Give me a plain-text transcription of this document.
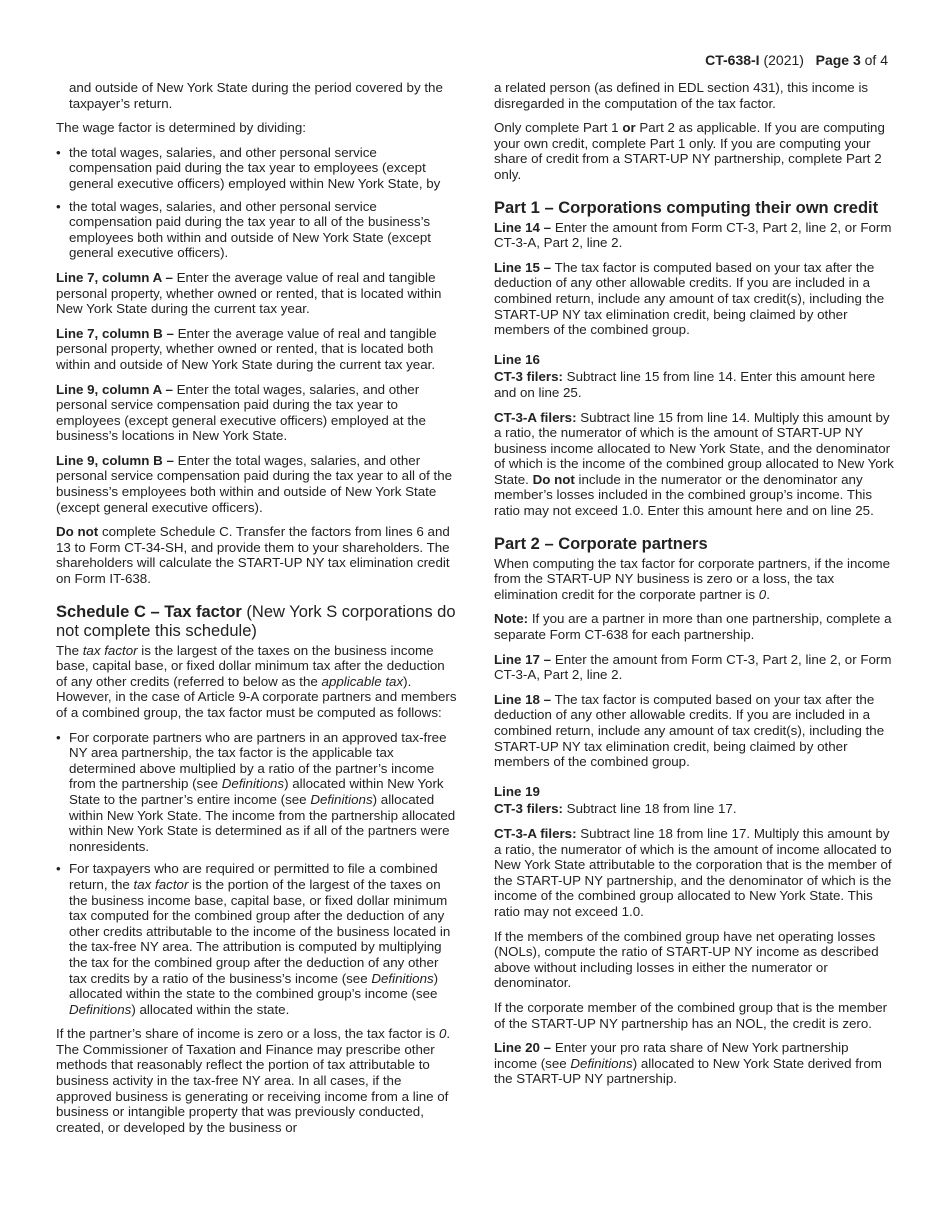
CT-638-I (2021) Page 3 of 4

and outside of New York State during the period covered by the taxpayer’s return.

The wage factor is determined by dividing:

• the total wages, salaries, and other personal service compensation paid during the tax year to employees (except general executive officers) employed within New York State, by
• the total wages, salaries, and other personal service compensation paid during the tax year to all of the business’s employees both within and outside of New York State (except general executive officers).

Line 7, column A – Enter the average value of real and tangible personal property, whether owned or rented, that is located within New York State during the current tax year.

Line 7, column B – Enter the average value of real and tangible personal property, whether owned or rented, that is located both within and outside of New York State during the current tax year.

Line 9, column A – Enter the total wages, salaries, and other personal service compensation paid during the tax year to employees (except general executive officers) employed at the business’s locations in New York State.

Line 9, column B – Enter the total wages, salaries, and other personal service compensation paid during the tax year to all of the business’s employees both within and outside of New York State (except general executive officers).

Do not complete Schedule C. Transfer the factors from lines 6 and 13 to Form CT-34-SH, and provide them to your shareholders. The shareholders will calculate the START-UP NY tax elimination credit on Form IT-638.

Schedule C – Tax factor (New York S corporations do not complete this schedule)

The tax factor is the largest of the taxes on the business income base, capital base, or fixed dollar minimum tax after the deduction of any other credits (referred to below as the applicable tax). However, in the case of Article 9-A corporate partners and members of a combined group, the tax factor must be computed as follows:

• For corporate partners who are partners in an approved tax-free NY area partnership, the tax factor is the applicable tax determined above multiplied by a ratio of the partner’s income from the partnership (see Definitions) allocated within New York State to the partner’s entire income (see Definitions) allocated within New York State. The income from the partnership allocated within New York State is determined as if all of the partners were nonresidents.
• For taxpayers who are required or permitted to file a combined return, the tax factor is the portion of the largest of the taxes on the business income base, capital base, or fixed dollar minimum tax computed for the combined group after the deduction of any other credits attributable to the income of the business located in the tax-free NY area. The attribution is computed by multiplying the tax for the combined group after the deduction of any other tax credits by a ratio of the business’s income (see Definitions) allocated within the state to the combined group’s income (see Definitions) allocated within the state.

If the partner’s share of income is zero or a loss, the tax factor is 0. The Commissioner of Taxation and Finance may prescribe other methods that reasonably reflect the portion of tax attributable to business activity in the tax-free NY area. In all cases, if the approved business is generating or receiving income from a line of business or intangible property that was previously conducted, created, or developed by the business or

a related person (as defined in EDL section 431), this income is disregarded in the computation of the tax factor.

Only complete Part 1 or Part 2 as applicable. If you are computing your own credit, complete Part 1 only. If you are computing your share of credit from a START-UP NY partnership, complete Part 2 only.

Part 1 – Corporations computing their own credit

Line 14 – Enter the amount from Form CT-3, Part 2, line 2, or Form CT-3-A, Part 2, line 2.

Line 15 – The tax factor is computed based on your tax after the deduction of any other allowable credits. If you are included in a combined return, include any amount of tax credit(s), including the START-UP NY tax elimination credit, being claimed by other members of the combined group.

Line 16

CT-3 filers: Subtract line 15 from line 14. Enter this amount here and on line 25.

CT-3-A filers: Subtract line 15 from line 14. Multiply this amount by a ratio, the numerator of which is the amount of START-UP NY business income allocated to New York State, and the denominator of which is the income of the combined group allocated to New York State. Do not include in the numerator or the denominator any member’s losses included in the combined group’s income. This ratio may not exceed 1.0. Enter this amount here and on line 25.

Part 2 – Corporate partners

When computing the tax factor for corporate partners, if the income from the START-UP NY business is zero or a loss, the tax elimination credit for the corporate partner is 0.

Note: If you are a partner in more than one partnership, complete a separate Form CT-638 for each partnership.

Line 17 – Enter the amount from Form CT-3, Part 2, line 2, or Form CT-3-A, Part 2, line 2.

Line 18 – The tax factor is computed based on your tax after the deduction of any other allowable credits. If you are included in a combined return, include any amount of tax credit(s), including the START-UP NY tax elimination credit, being claimed by other members of the combined group.

Line 19

CT-3 filers: Subtract line 18 from line 17.

CT-3-A filers: Subtract line 18 from line 17. Multiply this amount by a ratio, the numerator of which is the amount of income allocated to New York State attributable to the corporation that is the member of the START-UP NY partnership, and the denominator of which is the income of the combined group allocated to New York State. This ratio may not exceed 1.0.

If the members of the combined group have net operating losses (NOLs), compute the ratio of START-UP NY income as described above without including losses in either the numerator or denominator.

If the corporate member of the combined group that is the member of the START-UP NY partnership has an NOL, the credit is zero.

Line 20 – Enter your pro rata share of New York partnership income (see Definitions) allocated to New York State derived from the START-UP NY partnership.
